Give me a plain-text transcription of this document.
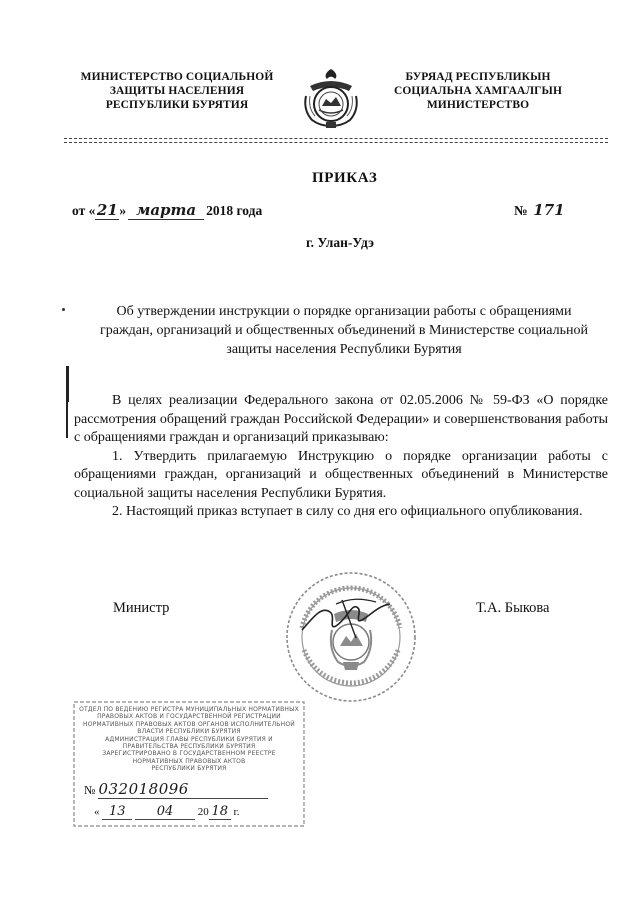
МИНИСТЕРСТВО СОЦИАЛЬНОЙ
ЗАЩИТЫ НАСЕЛЕНИЯ
РЕСПУБЛИКИ БУРЯТИЯ
БУРЯАД РЕСПУБЛИКЫН
СОЦИАЛЬНА ХАМГААЛГЫН
МИНИСТЕРСТВО
ПРИКАЗ
от « 21 » марта 2018 года	№ 171
г. Улан-Удэ
Об утверждении инструкции о порядке организации работы с обращениями
граждан, организаций и общественных объединений в Министерстве социальной
защиты населения Республики Бурятия

В целях реализации Федерального закона от 02.05.2006 № 59-ФЗ «О порядке рассмотрения обращений граждан Российской Федерации» и совершенствования работы с обращениями граждан и организаций приказываю:

1. Утвердить прилагаемую Инструкцию о порядке организации работы с обращениями граждан, организаций и общественных объединений в Министерстве социальной защиты населения Республики Бурятия.

2. Настоящий приказ вступает в силу со дня его официального опубликования.

Министр	Т.А. Быкова
ОТДЕЛ ПО ВЕДЕНИЮ РЕГИСТРА МУНИЦИПАЛЬНЫХ НОРМАТИВНЫХ
ПРАВОВЫХ АКТОВ И ГОСУДАРСТВЕННОЙ РЕГИСТРАЦИИ
НОРМАТИВНЫХ ПРАВОВЫХ АКТОВ ОРГАНОВ ИСПОЛНИТЕЛЬНОЙ
ВЛАСТИ РЕСПУБЛИКИ БУРЯТИЯ
АДМИНИСТРАЦИЯ ГЛАВЫ РЕСПУБЛИКИ БУРЯТИЯ И
ПРАВИТЕЛЬСТВА РЕСПУБЛИКИ БУРЯТИЯ
ЗАРЕГИСТРИРОВАНО В ГОСУДАРСТВЕННОМ РЕЕСТРЕ
НОРМАТИВНЫХ ПРАВОВЫХ АКТОВ
РЕСПУБЛИКИ БУРЯТИЯ
№ 032018096
« 13 04 20 18 г.
